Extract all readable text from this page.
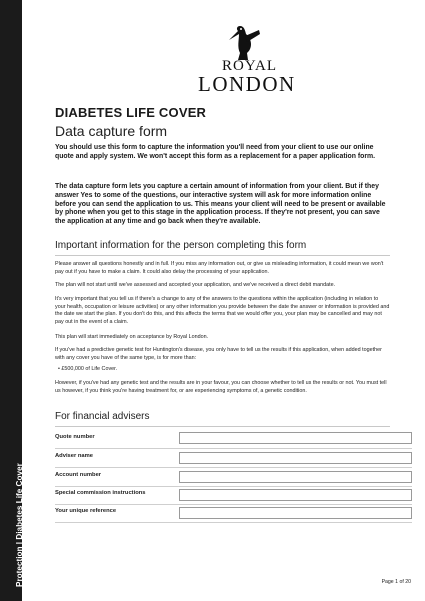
Protection | Diabetes Life Cover
ROYAL
LONDON
DIABETES LIFE COVER
Data capture form
You should use this form to capture the information you'll need from your client to use our online quote and apply system. We won't accept this form as a replacement for a paper application form.
The data capture form lets you capture a certain amount of information from your client. But if they answer Yes to some of the questions, our interactive system will ask for more information online before you can send the application to us. This means your client will need to be present or available by phone when you get to this stage in the application process. If they're not present, you can save the application at any time and go back when they're available.
Important information for the person completing this form
Please answer all questions honestly and in full. If you miss any information out, or give us misleading information, it could mean we won't pay out if you have to make a claim. It could also delay the processing of your application.
The plan will not start until we've assessed and accepted your application, and we've received a direct debit mandate.
It's very important that you tell us if there's a change to any of the answers to the questions within the application (including in relation to your health, occupation or leisure activities) or any other information you provide between the date the answer or information is provided and the date we start the plan. If you don't do this, and this affects the terms that we would offer you, your plan may be cancelled and may not pay out in the event of a claim.
This plan will start immediately on acceptance by Royal London.
If you've had a predictive genetic test for Huntington's disease, you only have to tell us the results if this application, when added together with any cover you have of the same type, is for more than:
• £500,000 of Life Cover.
However, if you've had any genetic test and the results are in your favour, you can choose whether to tell us the results or not. You must tell us however, if you think you're having treatment for, or are experiencing symptoms of, a genetic condition.
For financial advisers
Quote number
Adviser name
Account number
Special commission instructions
Your unique reference
Page 1 of 20
